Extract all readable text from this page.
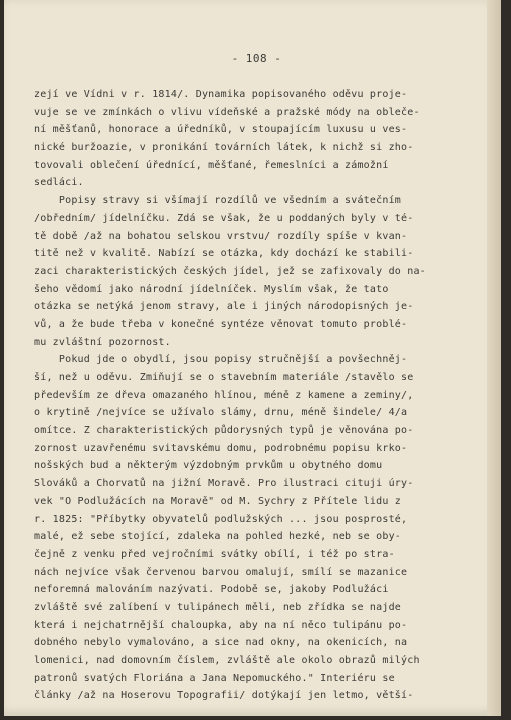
- 108 -
zejí ve Vídni v r. 1814/. Dynamika popisovaného oděvu proje-
vuje se ve zmínkách o vlivu vídeňské a pražské módy na oblečе-
ní měšťanů, honorace a úředníků, v stoupajícím luxusu u ves-
nické buržoazie, v pronikání továrních látek, k nichž si zho-
tovovali oblečení úřednící, měšťané, řemeslníci a zámožní
sedláci.
Popisy stravy si všímají rozdílů ve všedním a svátečním
/obředním/ jídelníčku. Zdá se však, že u poddaných byly v té-
tě době /až na bohatou selskou vrstvu/ rozdíly spíše v kvan-
titě než v kvalitě. Nabízí se otázka, kdy dochází ke stabili-
zaci charakteristických českých jídel, jež se zafixovaly do na-
šeho vědomí jako národní jídelníček. Myslím však, že tato
otázka se netýká jenom stravy, ale i jiných národopisných je-
vů, a že bude třeba v konečné syntéze věnovat tomuto problé-
mu zvláštní pozornost.
Pokud jde o obydlí, jsou popisy stručnější a povšechněj-
ší, než u oděvu. Zmiňují se o stavebním materiále /stavělo se
především ze dřeva omazaného hlínou, méně z kamene a zeminy/,
o krytině /nejvíce se užívalo slámy, drnu, méně šindele/ 4/a
omítce. Z charakteristických půdorysných typů je věnována po-
zornost uzavřenému svitavskému domu, podrobnému popisu krko-
nošských bud a některým výzdobným prvkům u obytného domu
Slováků a Chorvatů na jižní Moravě. Pro ilustraci cituji úry-
vek "O Podlužácích na Moravě" od M. Sychry z Přítele lidu z
r. 1825: "Příbytky obyvatelů podlužských ... jsou posprosté,
malé, ež sebe stojící, zdaleka na pohled hezké, neb se oby-
čejně z venku před vejročními svátky obílí, i též po stra-
nách nejvíce však červenou barvou omalují, smílí se mazanice
neforemná malováním nazývati. Podobě se, jakoby Podlužáci
zvláště své zalíbení v tulipánech měli, neb zřídka se najde
která i nejchatrnější chaloupka, aby na ní něco tulipánu po-
dobného nebylo vymalováno, a sice nad okny, na okenicích, na
lomenici, nad domovním číslem, zvláště ale okolo obrazů milých
patronů svatých Floriána a Jana Nepomuckého." Interiéru se
články /až na Hoserovu Topografii/ dotýkají jen letmo, větší-
